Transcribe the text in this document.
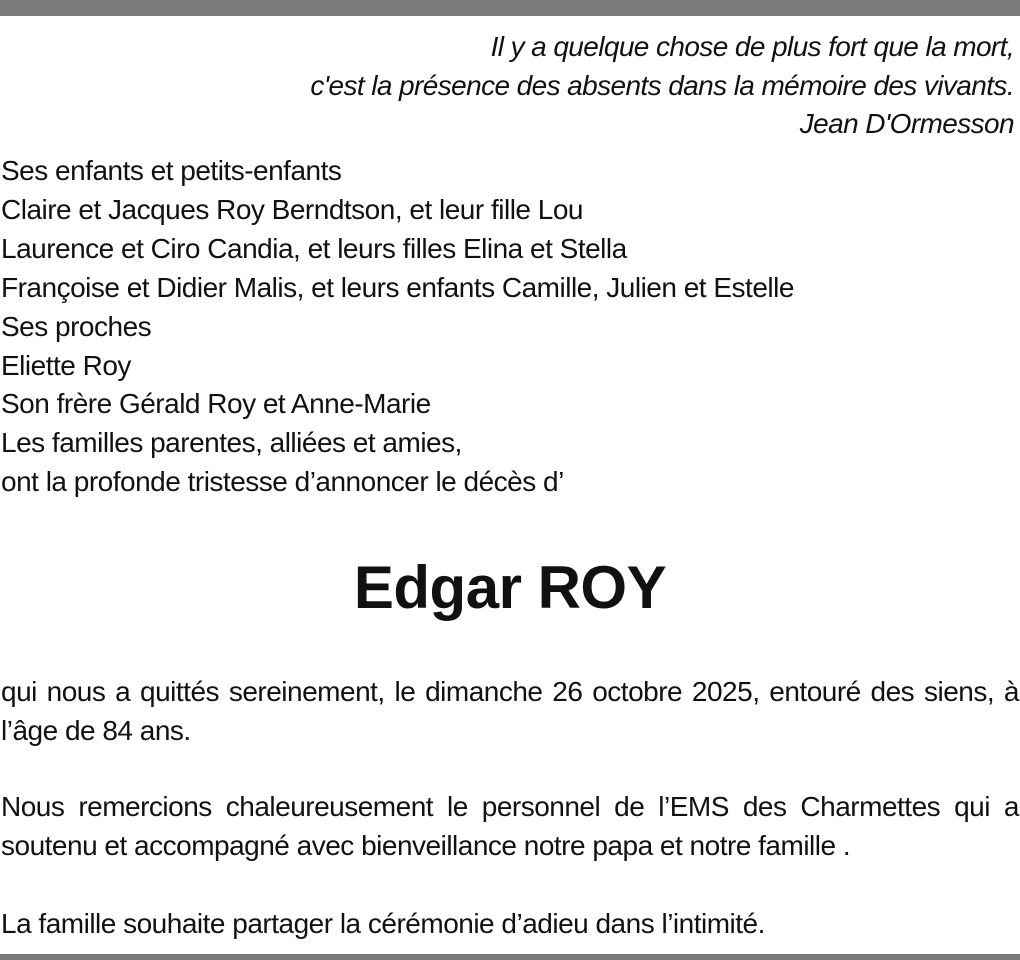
Il y a quelque chose de plus fort que la mort,
c'est la présence des absents dans la mémoire des vivants.
Jean D'Ormesson
Ses enfants et petits-enfants
Claire et Jacques Roy Berndtson, et leur fille Lou
Laurence et Ciro Candia, et leurs filles Elina et Stella
Françoise et Didier Malis, et leurs enfants Camille, Julien et Estelle
Ses proches
Eliette Roy
Son frère Gérald Roy et Anne-Marie
Les familles parentes, alliées et amies,
ont la profonde tristesse d’annoncer le décès d’
Edgar ROY
qui nous a quittés sereinement, le dimanche 26 octobre 2025, entouré des siens, à l’âge de 84 ans.
Nous remercions chaleureusement le personnel de l’EMS des Charmettes qui a soutenu et accompagné avec bienveillance notre papa et notre famille .
La famille souhaite partager la cérémonie d’adieu dans l’intimité.
